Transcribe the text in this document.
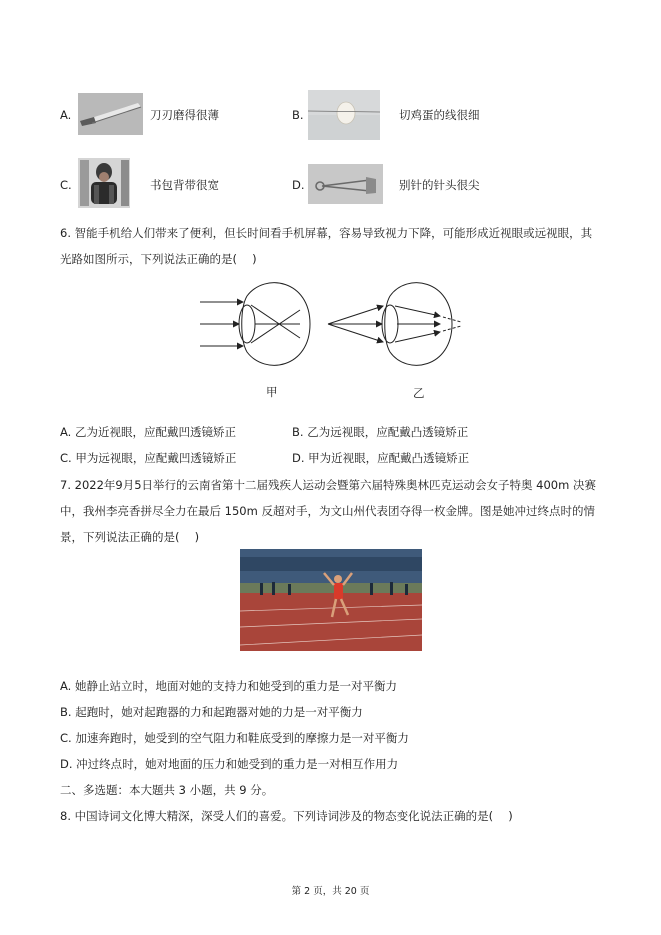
A.	刀刃磨得很薄	B.	切鸡蛋的线很细
C.	书包背带很宽	D.	别针的针头很尖
6. 智能手机给人们带来了便利，但长时间看手机屏幕，容易导致视力下降，可能形成近视眼或远视眼，其
光路如图所示，下列说法正确的是(　 )
甲	乙
A. 乙为近视眼，应配戴凹透镜矫正	B. 乙为远视眼，应配戴凸透镜矫正
C. 甲为远视眼，应配戴凹透镜矫正	D. 甲为近视眼，应配戴凸透镜矫正
7. 2022年9月5日举行的云南省第十二届残疾人运动会暨第六届特殊奥林匹克运动会女子特奥 400m 决赛
中，我州李亮香拼尽全力在最后 150m 反超对手，为文山州代表团夺得一枚金牌。图是她冲过终点时的情
景，下列说法正确的是(　 )
A. 她静止站立时，地面对她的支持力和她受到的重力是一对平衡力
B. 起跑时，她对起跑器的力和起跑器对她的力是一对平衡力
C. 加速奔跑时，她受到的空气阻力和鞋底受到的摩擦力是一对平衡力
D. 冲过终点时，她对地面的压力和她受到的重力是一对相互作用力
二、多选题：本大题共 3 小题，共 9 分。
8. 中国诗词文化博大精深，深受人们的喜爱。下列诗词涉及的物态变化说法正确的是(　 )
第 2 页，共 20 页
